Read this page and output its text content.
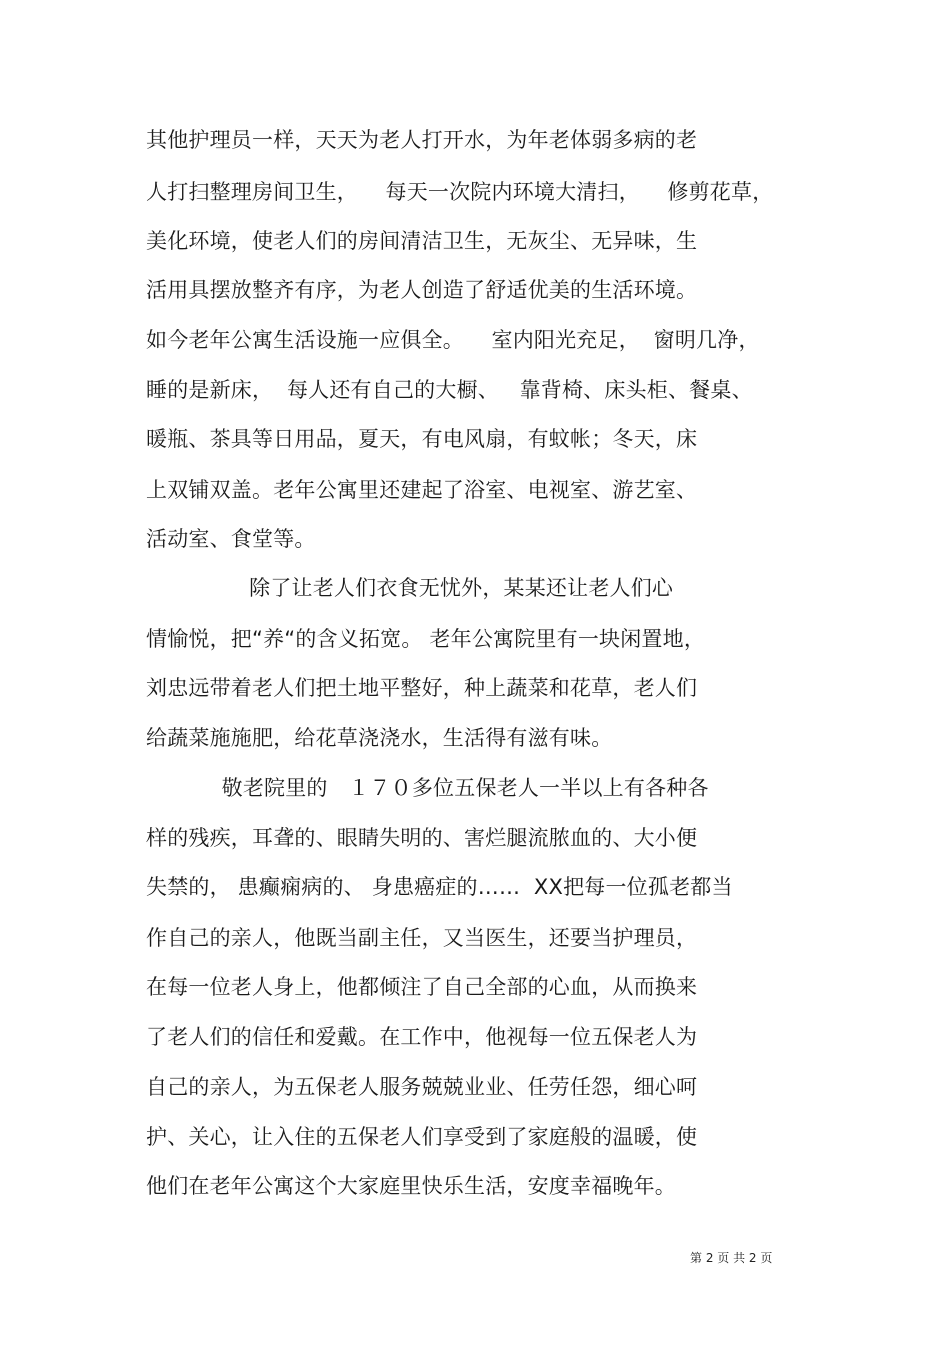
其他护理员一样，天天为老人打开水，为年老体弱多病的老
人打扫整理房间卫生，    每天一次院内环境大清扫，    修剪花草，
美化环境，使老人们的房间清洁卫生，无灰尘、无异味，生
活用具摆放整齐有序，为老人创造了舒适优美的生活环境。
如今老年公寓生活设施一应俱全。    室内阳光充足，  窗明几净，
睡的是新床，  每人还有自己的大橱、   靠背椅、床头柜、餐桌、
暖瓶、茶具等日用品，夏天，有电风扇，有蚊帐；冬天，床
上双铺双盖。老年公寓里还建起了浴室、电视室、游艺室、
活动室、食堂等。
除了让老人们衣食无忧外，某某还让老人们心
情愉悦，把“养“的含义拓宽。 老年公寓院里有一块闲置地，
刘忠远带着老人们把土地平整好，种上蔬菜和花草，老人们
给蔬菜施施肥，给花草浇浇水，生活得有滋有味。
敬老院里的   １７０多位五保老人一半以上有各种各
样的残疾，耳聋的、眼睛失明的、害烂腿流脓血的、大小便
失禁的， 患癫痫病的、 身患癌症的……  XX把每一位孤老都当
作自己的亲人，他既当副主任，又当医生，还要当护理员，
在每一位老人身上，他都倾注了自己全部的心血，从而换来
了老人们的信任和爱戴。在工作中，他视每一位五保老人为
自己的亲人，为五保老人服务兢兢业业、任劳任怨，细心呵
护、关心，让入住的五保老人们享受到了家庭般的温暖，使
他们在老年公寓这个大家庭里快乐生活，安度幸福晚年。
第 2 页 共 2 页
